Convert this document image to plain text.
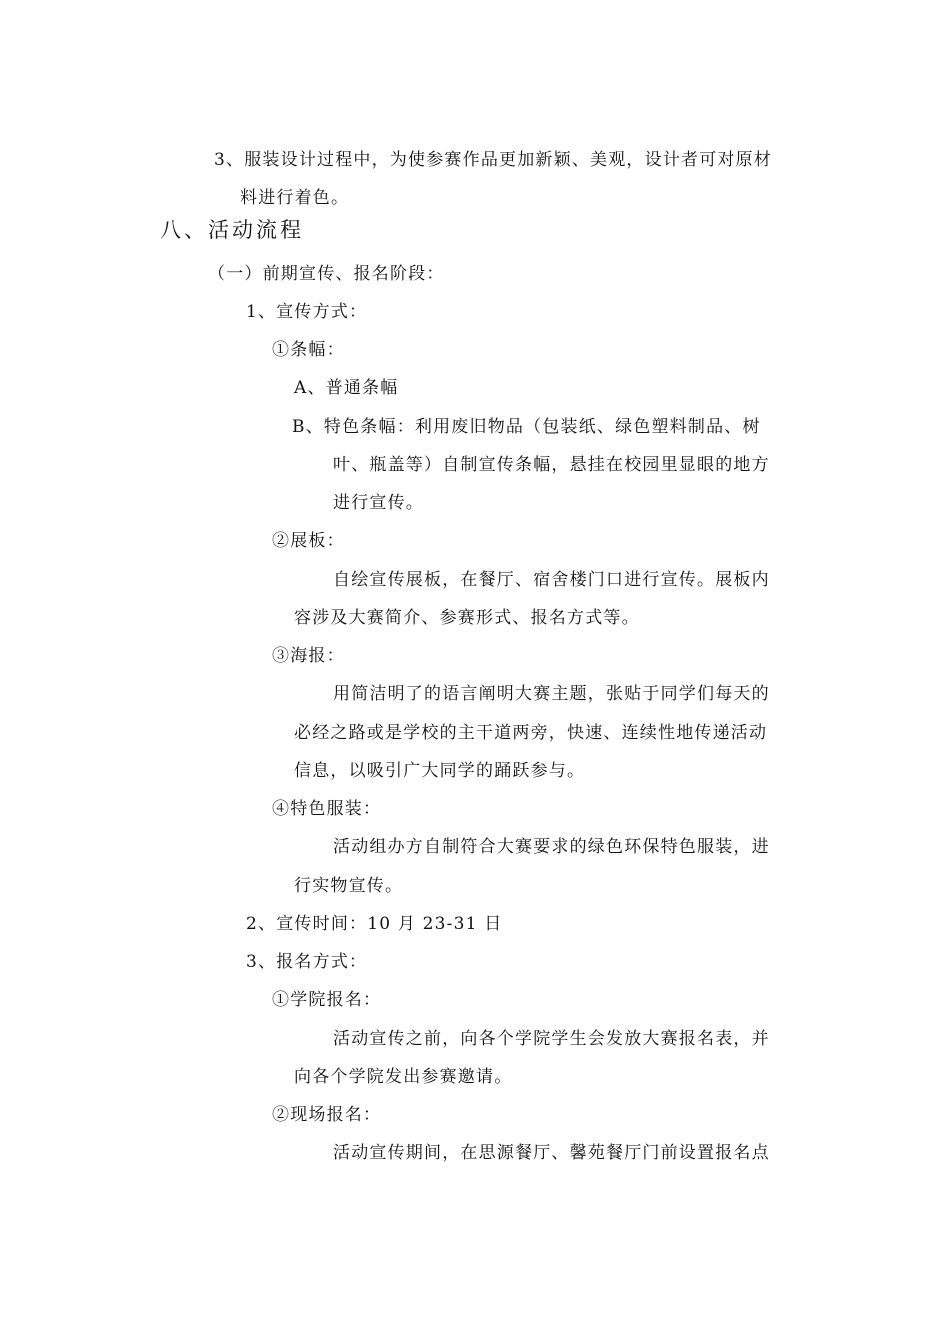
3、服装设计过程中，为使参赛作品更加新颖、美观，设计者可对原材
料进行着色。
八、活动流程
（一）前期宣传、报名阶段：
1、宣传方式：
①条幅：
A、普通条幅
B、特色条幅：利用废旧物品（包装纸、绿色塑料制品、树
叶、瓶盖等）自制宣传条幅，悬挂在校园里显眼的地方
进行宣传。
②展板：
自绘宣传展板，在餐厅、宿舍楼门口进行宣传。展板内
容涉及大赛简介、参赛形式、报名方式等。
③海报：
用简洁明了的语言阐明大赛主题，张贴于同学们每天的
必经之路或是学校的主干道两旁，快速、连续性地传递活动
信息，以吸引广大同学的踊跃参与。
④特色服装：
活动组办方自制符合大赛要求的绿色环保特色服装，进
行实物宣传。
2、宣传时间：10 月 23-31 日
3、报名方式：
①学院报名：
活动宣传之前，向各个学院学生会发放大赛报名表，并
向各个学院发出参赛邀请。
②现场报名：
活动宣传期间，在思源餐厅、馨苑餐厅门前设置报名点
